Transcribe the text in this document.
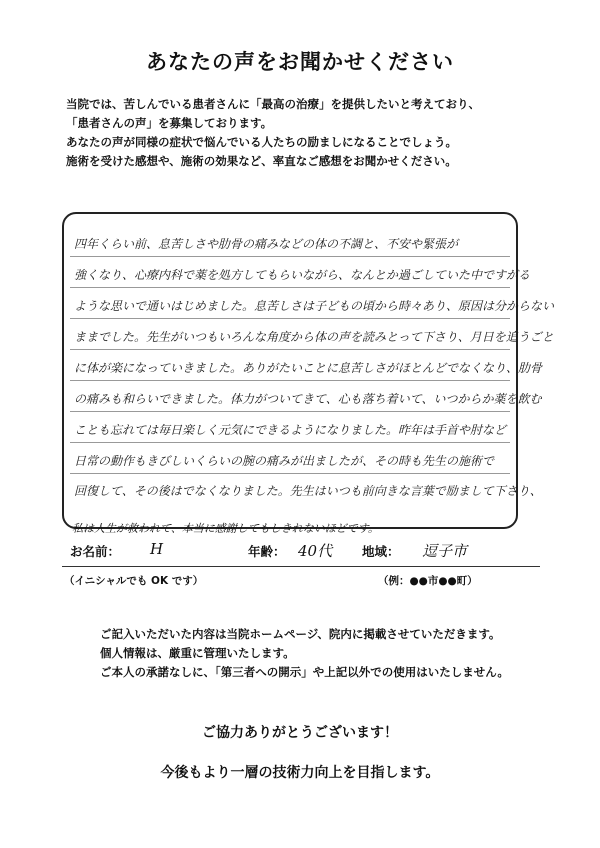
あなたの声をお聞かせください
当院では、苦しんでいる患者さんに「最高の治療」を提供したいと考えており、
「患者さんの声」を募集しております。
あなたの声が同様の症状で悩んでいる人たちの励ましになることでしょう。
施術を受けた感想や、施術の効果など、率直なご感想をお聞かせください。
四年くらい前、息苦しさや肋骨の痛みなどの体の不調と、不安や緊張が
強くなり、心療内科で薬を処方してもらいながら、なんとか過ごしていた中ですがる
ような思いで通いはじめました。息苦しさは子どもの頃から時々あり、原因は分からない
ままでした。先生がいつもいろんな角度から体の声を読みとって下さり、月日を追うごと
に体が楽になっていきました。ありがたいことに息苦しさがほとんどでなくなり、肋骨
の痛みも和らいできました。体力がついてきて、心も落ち着いて、いつからか薬を飲む
ことも忘れては毎日楽しく元気にできるようになりました。昨年は手首や肘など
日常の動作もきびしいくらいの腕の痛みが出ましたが、その時も先生の施術で
回復して、その後はでなくなりました。先生はいつも前向きな言葉で励まして下さり、
私は人生が救われて、本当に感謝してもしきれないほどです。
お名前： H	年齢： 40代 地域： 逗子市
（イニシャルでも OK です）	（例：●●市●●町）
ご記入いただいた内容は当院ホームページ、院内に掲載させていただきます。
個人情報は、厳重に管理いたします。
ご本人の承諾なしに、「第三者への開示」や上記以外での使用はいたしません。
ご協力ありがとうございます！
今後もより一層の技術力向上を目指します。
